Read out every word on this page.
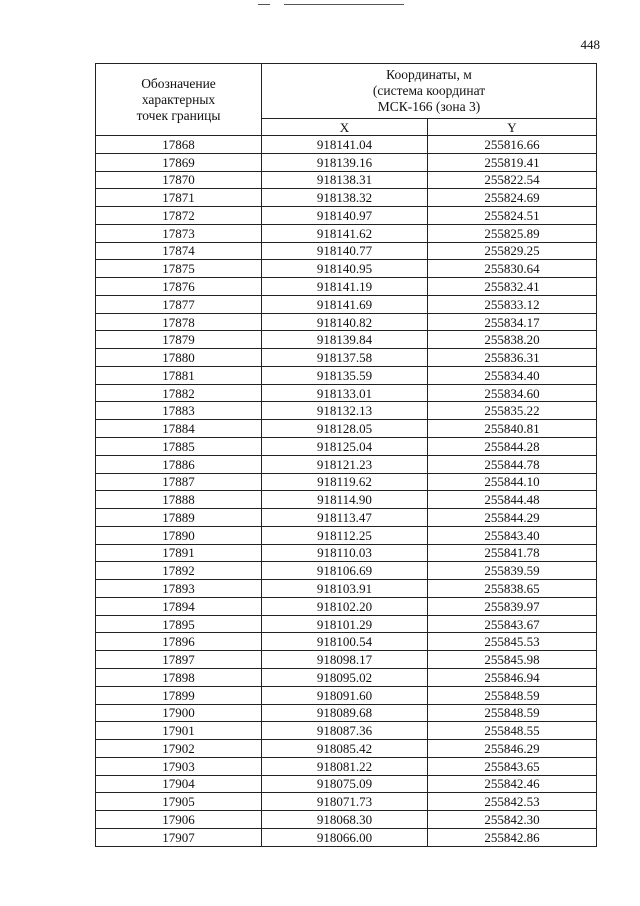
448
Обозначение
характерных
точек границы	Координаты, м
(система координат
МСК-166 (зона 3)	

	X	Y
17868	918141.04	255816.66
17869	918139.16	255819.41
17870	918138.31	255822.54
17871	918138.32	255824.69
17872	918140.97	255824.51
17873	918141.62	255825.89
17874	918140.77	255829.25
17875	918140.95	255830.64
17876	918141.19	255832.41
17877	918141.69	255833.12
17878	918140.82	255834.17
17879	918139.84	255838.20
17880	918137.58	255836.31
17881	918135.59	255834.40
17882	918133.01	255834.60
17883	918132.13	255835.22
17884	918128.05	255840.81
17885	918125.04	255844.28
17886	918121.23	255844.78
17887	918119.62	255844.10
17888	918114.90	255844.48
17889	918113.47	255844.29
17890	918112.25	255843.40
17891	918110.03	255841.78
17892	918106.69	255839.59
17893	918103.91	255838.65
17894	918102.20	255839.97
17895	918101.29	255843.67
17896	918100.54	255845.53
17897	918098.17	255845.98
17898	918095.02	255846.94
17899	918091.60	255848.59
17900	918089.68	255848.59
17901	918087.36	255848.55
17902	918085.42	255846.29
17903	918081.22	255843.65
17904	918075.09	255842.46
17905	918071.73	255842.53
17906	918068.30	255842.30
17907	918066.00	255842.86
